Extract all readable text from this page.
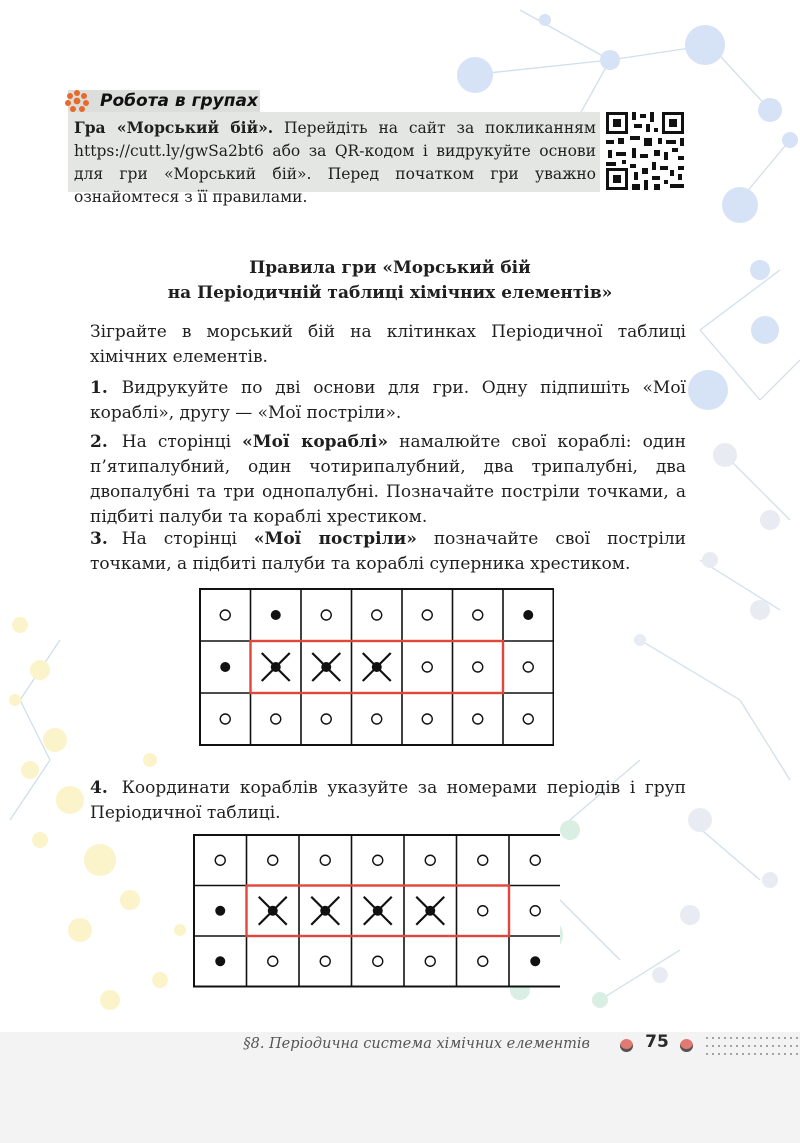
Робота в групах
Гра «Морський бій». Перейдіть на сайт за покликанням https://cutt.ly/gwSa2bt6 або за QR-кодом і видрукуйте основи для гри «Морський бій». Перед початком гри уважно ознайомтеся з її правилами.
Правила гри «Морський бій
на Періодичній таблиці хімічних елементів»
Зіграйте в морський бій на клітинках Періодичної таблиці хімічних елементів.
1. Видрукуйте по дві основи для гри. Одну підпишіть «Мої кораблі», другу — «Мої постріли».
2. На сторінці «Мої кораблі» намалюйте свої кораблі: один п’ятипалубний, один чотирипалубний, два трипалубні, два двопалубні та три однопалубні. Позначайте постріли точками, а підбиті палуби та кораблі хрестиком.
3. На сторінці «Мої постріли» позначайте свої постріли точками, а підбиті палуби та кораблі суперника хрестиком.
4. Координати кораблів указуйте за номерами періодів і груп Періодичної таблиці.
§8. Періодична система хімічних елементів	75
